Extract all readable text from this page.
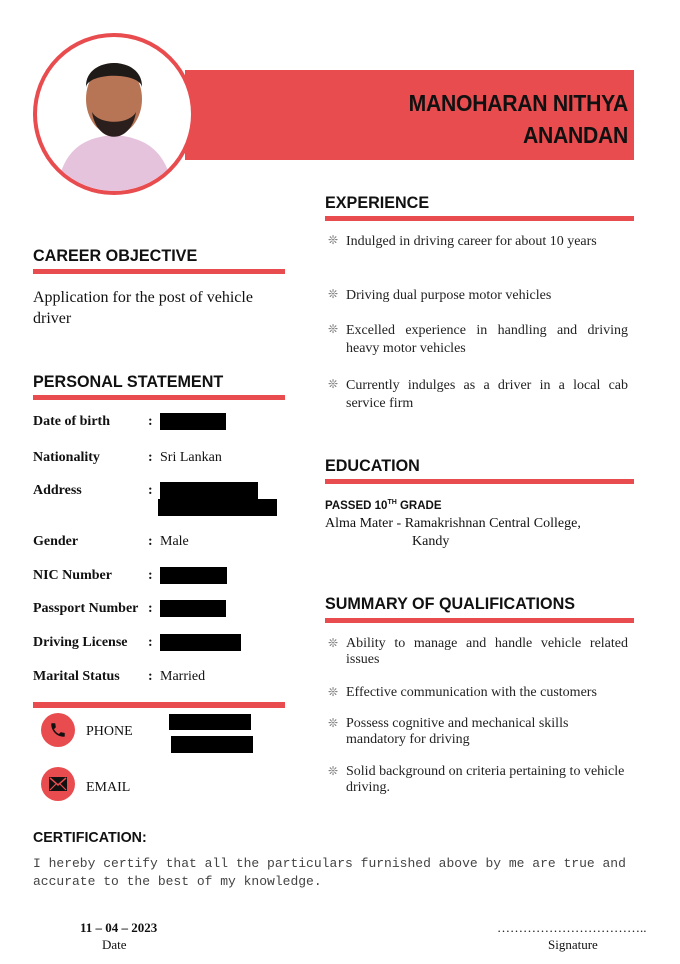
MANOHARAN NITHYA
ANANDAN
CAREER OBJECTIVE
Application for the post of vehicle driver
PERSONAL STATEMENT
Date of birth	:
Nationality	: Sri Lankan
Address	:
Gender	: Male
NIC Number	:
Passport Number :
Driving License :
Marital Status : Married
PHONE
EMAIL
EXPERIENCE
❊ Indulged in driving career for about 10 years
❊ Driving dual purpose motor vehicles
❊ Excelled experience in handling and driving heavy motor vehicles
❊ Currently indulges as a driver in a local cab service firm
EDUCATION
PASSED 10TH GRADE
Alma Mater - Ramakrishnan Central College,
Kandy
SUMMARY OF QUALIFICATIONS
❊ Ability to manage and handle vehicle related issues
❊ Effective communication with the customers
❊ Possess cognitive and mechanical skills mandatory for driving
❊ Solid background on criteria pertaining to vehicle driving.
CERTIFICATION:
I hereby certify that all the particulars furnished above by me are true and accurate to the best of my knowledge.
11 – 04 – 2023
Date
……………………………..
Signature
